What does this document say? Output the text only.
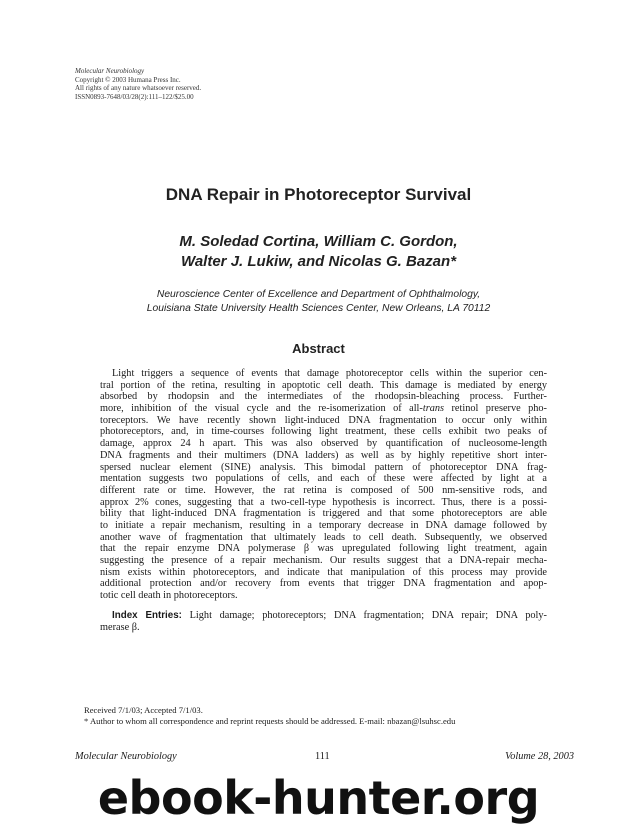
Molecular Neurobiology
Copyright © 2003 Humana Press Inc.
All rights of any nature whatsoever reserved.
ISSN0893-7648/03/28(2):111–122/$25.00
DNA Repair in Photoreceptor Survival
M. Soledad Cortina, William C. Gordon,
Walter J. Lukiw, and Nicolas G. Bazan*
Neuroscience Center of Excellence and Department of Ophthalmology,
Louisiana State University Health Sciences Center, New Orleans, LA 70112
Abstract
Light triggers a sequence of events that damage photoreceptor cells within the superior cen-
tral portion of the retina, resulting in apoptotic cell death. This damage is mediated by energy
absorbed by rhodopsin and the intermediates of the rhodopsin-bleaching process. Further-
more, inhibition of the visual cycle and the re-isomerization of all-trans retinol preserve pho-
toreceptors. We have recently shown light-induced DNA fragmentation to occur only within
photoreceptors, and, in time-courses following light treatment, these cells exhibit two peaks of
damage, approx 24 h apart. This was also observed by quantification of nucleosome-length
DNA fragments and their multimers (DNA ladders) as well as by highly repetitive short inter-
spersed nuclear element (SINE) analysis. This bimodal pattern of photoreceptor DNA frag-
mentation suggests two populations of cells, and each of these were affected by light at a
different rate or time. However, the rat retina is composed of 500 nm-sensitive rods, and
approx 2% cones, suggesting that a two-cell-type hypothesis is incorrect. Thus, there is a possi-
bility that light-induced DNA fragmentation is triggered and that some photoreceptors are able
to initiate a repair mechanism, resulting in a temporary decrease in DNA damage followed by
another wave of fragmentation that ultimately leads to cell death. Subsequently, we observed
that the repair enzyme DNA polymerase β was upregulated following light treatment, again
suggesting the presence of a repair mechanism. Our results suggest that a DNA-repair mecha-
nism exists within photoreceptors, and indicate that manipulation of this process may provide
additional protection and/or recovery from events that trigger DNA fragmentation and apop-
totic cell death in photoreceptors.
Index Entries: Light damage; photoreceptors; DNA fragmentation; DNA repair; DNA poly-
merase β.
Received 7/1/03; Accepted 7/1/03.
* Author to whom all correspondence and reprint requests should be addressed. E-mail: nbazan@lsuhsc.edu
Molecular Neurobiology	111	Volume 28, 2003
ebook-hunter.org
